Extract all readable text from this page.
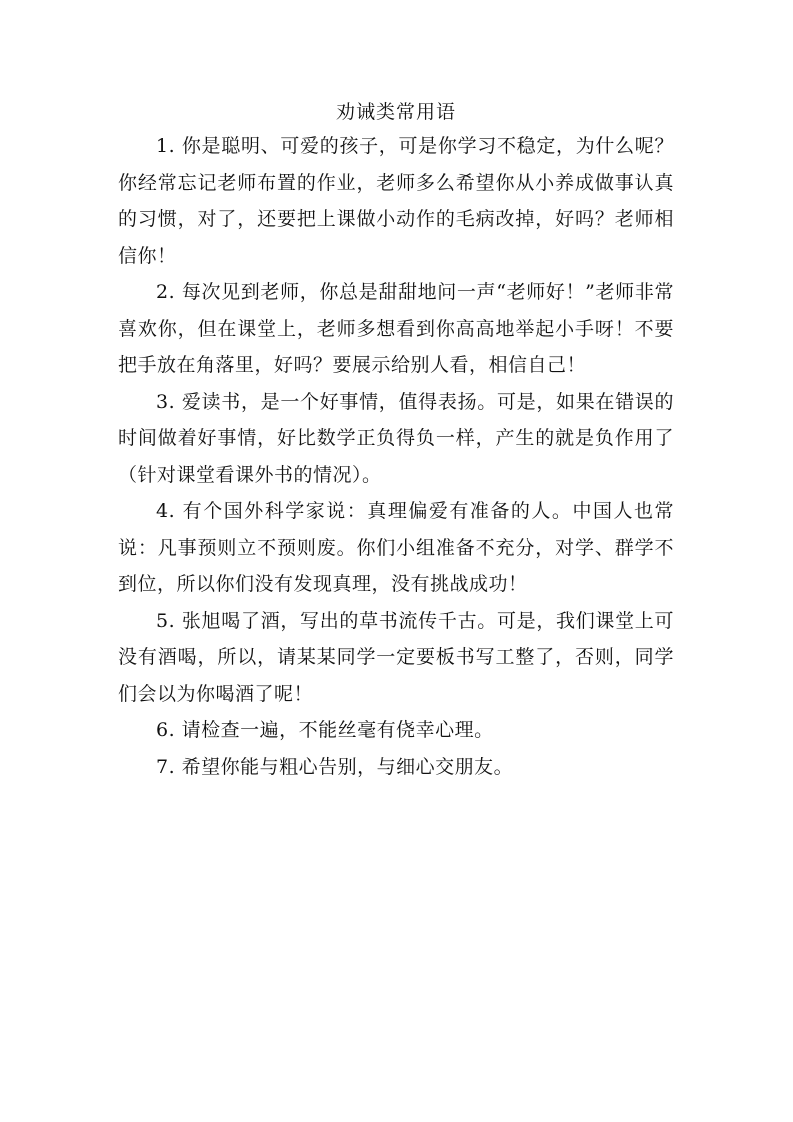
劝诫类常用语

1. 你是聪明、可爱的孩子，可是你学习不稳定，为什么呢？你经常忘记老师布置的作业，老师多么希望你从小养成做事认真的习惯，对了，还要把上课做小动作的毛病改掉，好吗？老师相信你！

2. 每次见到老师，你总是甜甜地问一声“老师好！”老师非常喜欢你，但在课堂上，老师多想看到你高高地举起小手呀！不要把手放在角落里，好吗？要展示给别人看，相信自己！

3. 爱读书，是一个好事情，值得表扬。可是，如果在错误的时间做着好事情，好比数学正负得负一样，产生的就是负作用了（针对课堂看课外书的情况）。

4. 有个国外科学家说：真理偏爱有准备的人。中国人也常说：凡事预则立不预则废。你们小组准备不充分，对学、群学不到位，所以你们没有发现真理，没有挑战成功！

5. 张旭喝了酒，写出的草书流传千古。可是，我们课堂上可没有酒喝，所以，请某某同学一定要板书写工整了，否则，同学们会以为你喝酒了呢！

6. 请检查一遍，不能丝毫有侥幸心理。

7. 希望你能与粗心告别，与细心交朋友。
